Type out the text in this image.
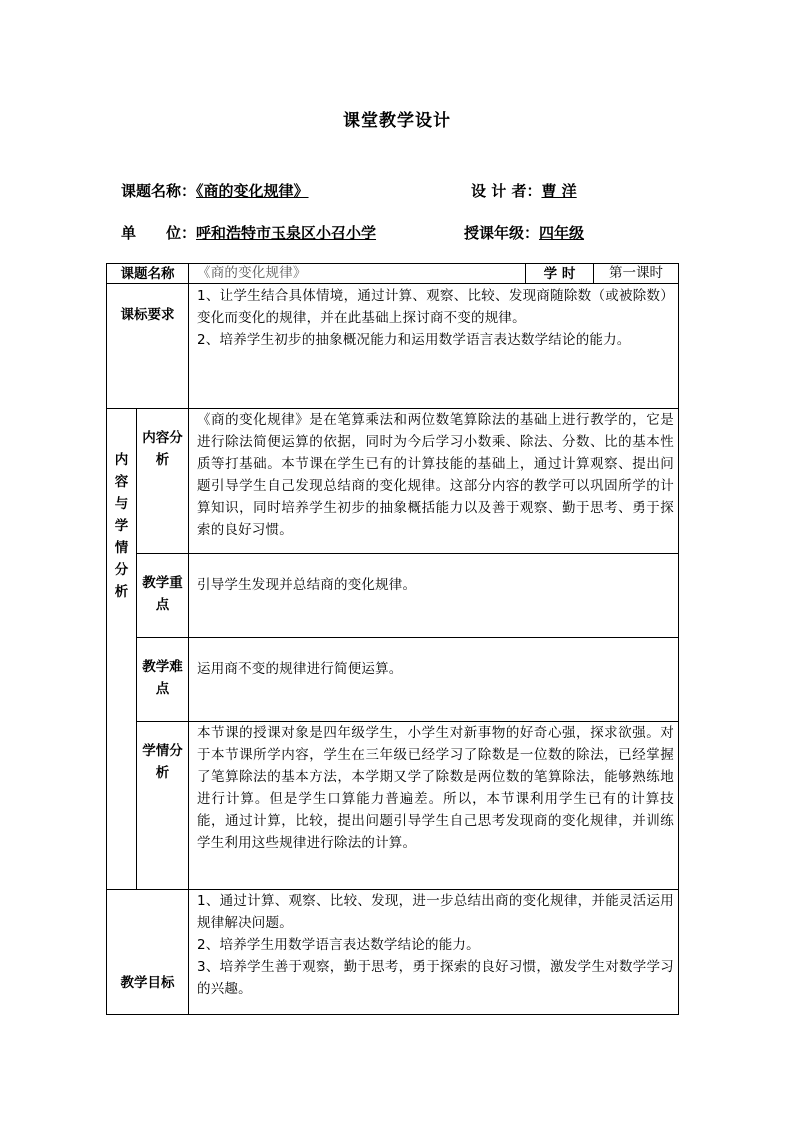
课堂教学设计
课题名称：《商的变化规律》	设 计 者：曹 洋
单　　位：呼和浩特市玉泉区小召小学	授课年级：四年级
课题名称		《商的变化规律》	学 时	第一课时
课标要求		1、让学生结合具体情境，通过计算、观察、比较、发现商随除数（或被除数）变化而变化的规律，并在此基础上探讨商不变的规律。
2、培养学生初步的抽象概况能力和运用数学语言表达数学结论的能力。		
内容与学情分析	内容分析	《商的变化规律》是在笔算乘法和两位数笔算除法的基础上进行教学的，它是进行除法简便运算的依据，同时为今后学习小数乘、除法、分数、比的基本性质等打基础。本节课在学生已有的计算技能的基础上，通过计算观察、提出问题引导学生自己发现总结商的变化规律。这部分内容的教学可以巩固所学的计算知识，同时培养学生初步的抽象概括能力以及善于观察、勤于思考、勇于探索的良好习惯。		
	教学重点	引导学生发现并总结商的变化规律。		
	教学难点	运用商不变的规律进行简便运算。		
	学情分析	本节课的授课对象是四年级学生，小学生对新事物的好奇心强，探求欲强。对于本节课所学内容，学生在三年级已经学习了除数是一位数的除法，已经掌握了笔算除法的基本方法，本学期又学了除数是两位数的笔算除法，能够熟练地进行计算。但是学生口算能力普遍差。所以，本节课利用学生已有的计算技能，通过计算，比较，提出问题引导学生自己思考发现商的变化规律，并训练学生利用这些规律进行除法的计算。		
教学目标		1、通过计算、观察、比较、发现，进一步总结出商的变化规律，并能灵活运用规律解决问题。
2、培养学生用数学语言表达数学结论的能力。
3、培养学生善于观察，勤于思考，勇于探索的良好习惯，激发学生对数学学习的兴趣。		
